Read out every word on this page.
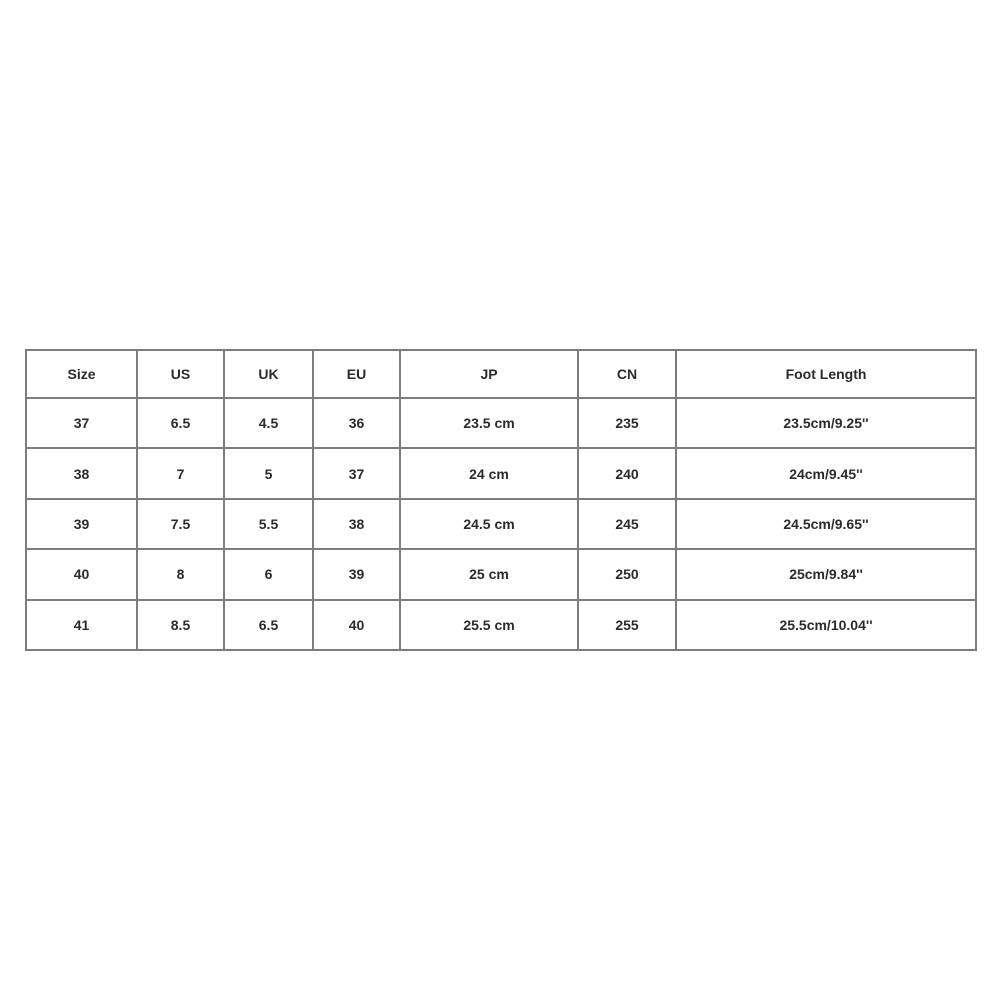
Size	US	UK	EU	JP	CN	Foot Length
37	6.5	4.5	36	23.5 cm	235	23.5cm/9.25''
38	7	5	37	24 cm	240	24cm/9.45''
39	7.5	5.5	38	24.5 cm	245	24.5cm/9.65''
40	8	6	39	25 cm	250	25cm/9.84''
41	8.5	6.5	40	25.5 cm	255	25.5cm/10.04''
